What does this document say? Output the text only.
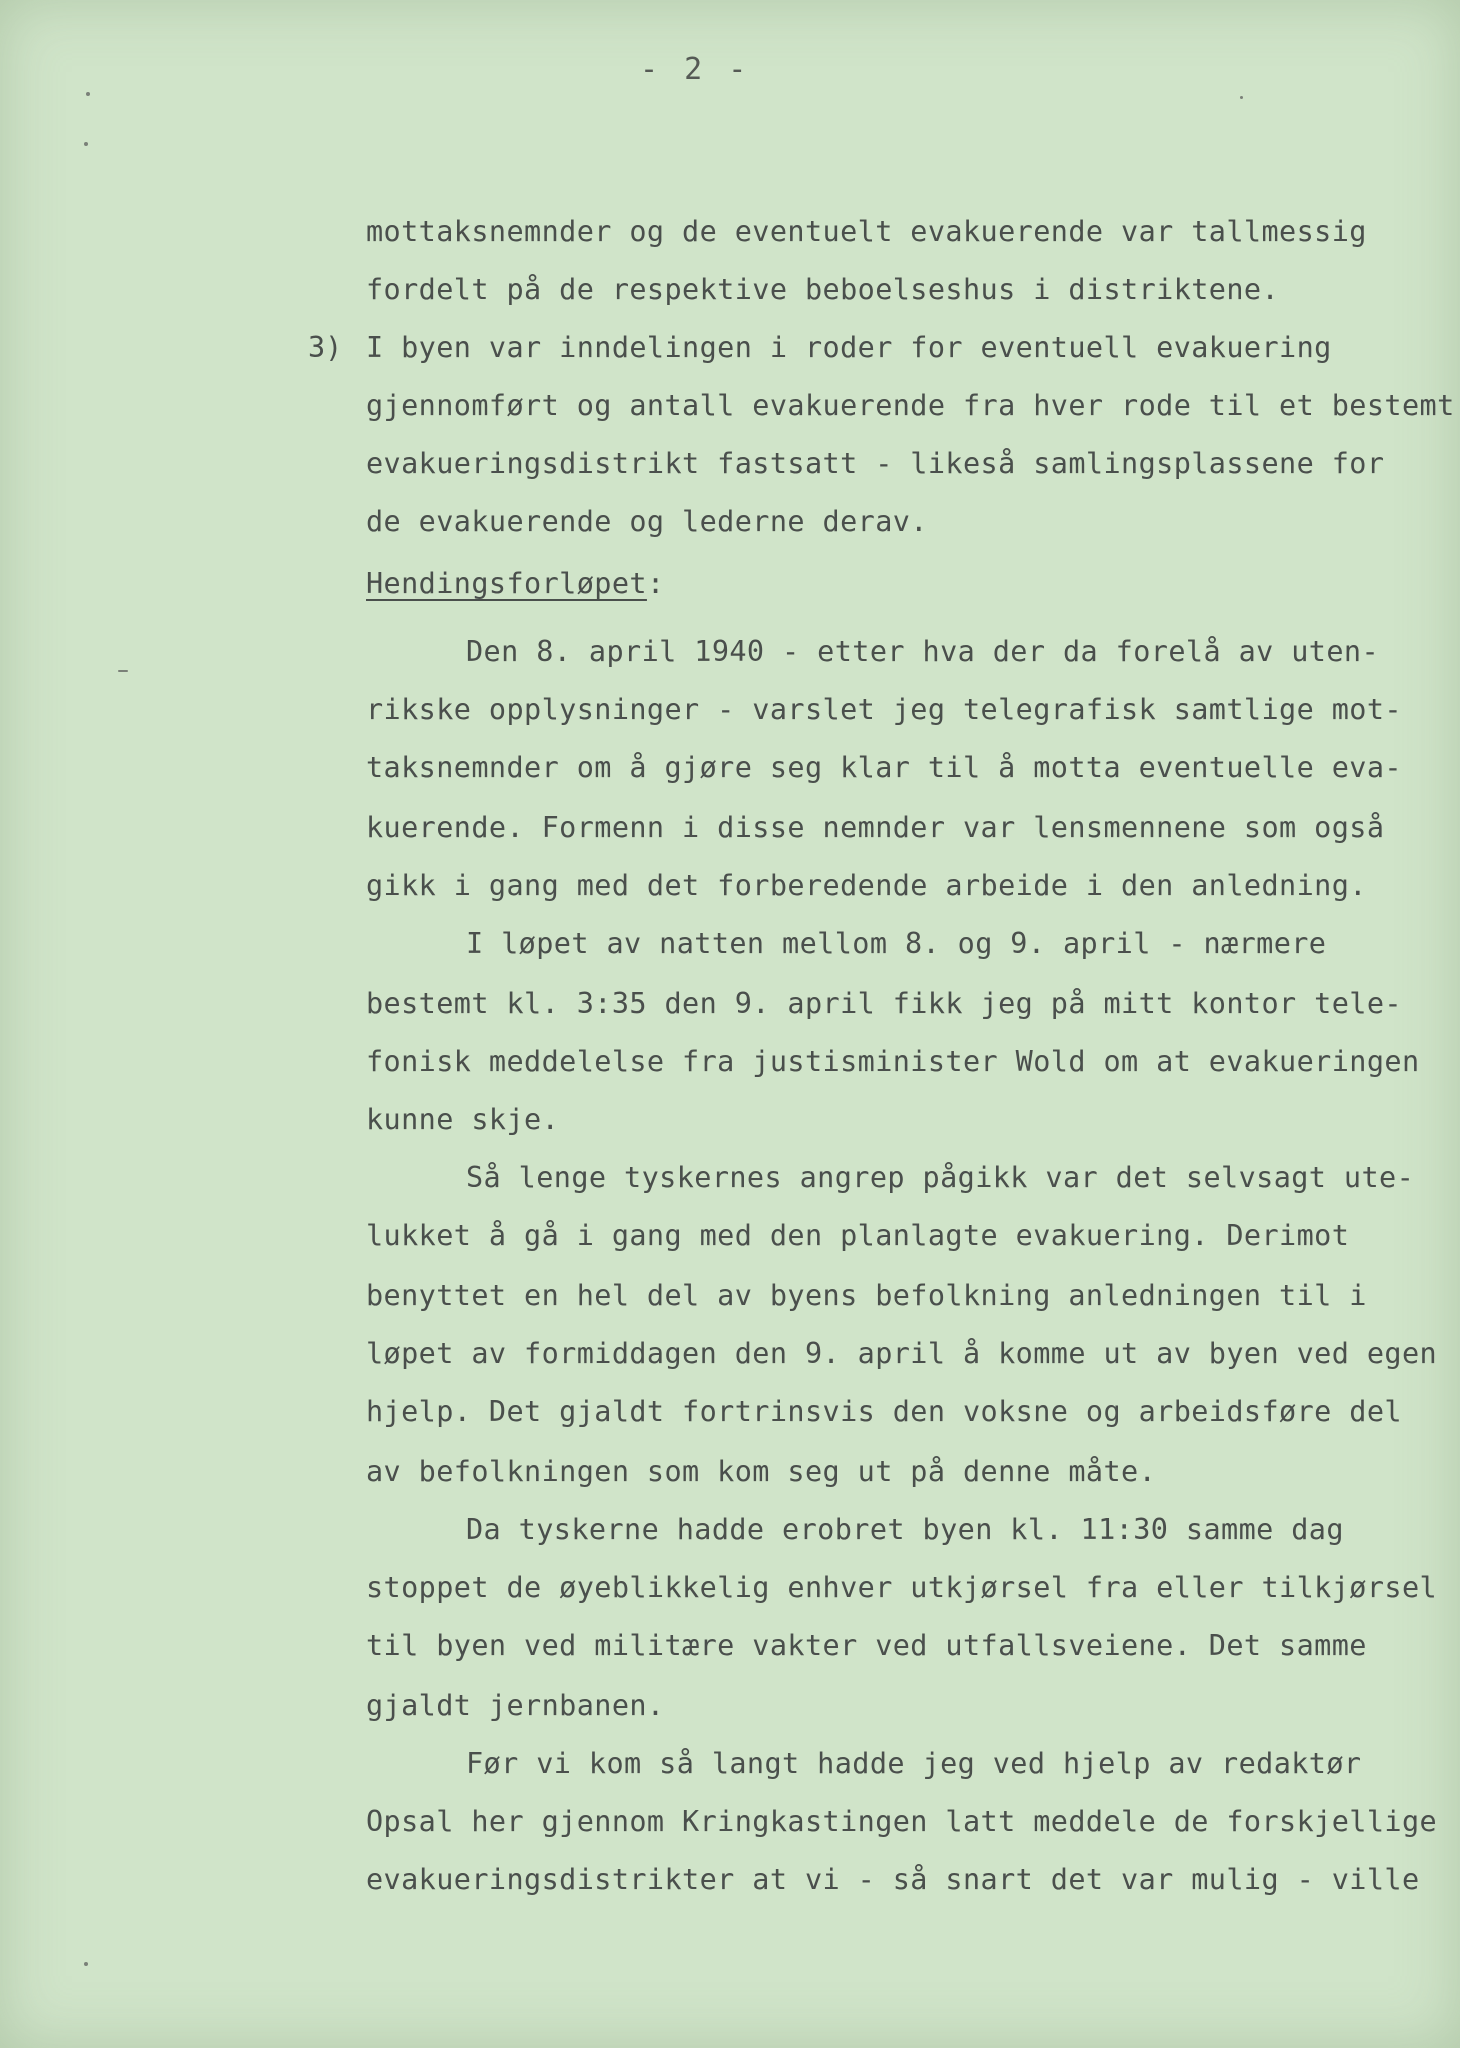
- 2 -
mottaksnemnder og de eventuelt evakuerende var tallmessig
fordelt på de respektive beboelseshus i distriktene.
3) I byen var inndelingen i roder for eventuell evakuering
gjennomført og antall evakuerende fra hver rode til et bestemt
evakueringsdistrikt fastsatt - likeså samlingsplassene for
de evakuerende og lederne derav.
Hendingsforløpet:
Den 8. april 1940 - etter hva der da forelå av uten-
rikske opplysninger - varslet jeg telegrafisk samtlige mot-
taksnemnder om å gjøre seg klar til å motta eventuelle eva-
kuerende. Formenn i disse nemnder var lensmennene som også
gikk i gang med det forberedende arbeide i den anledning.
I løpet av natten mellom 8. og 9. april - nærmere
bestemt kl. 3:35 den 9. april fikk jeg på mitt kontor tele-
fonisk meddelelse fra justisminister Wold om at evakueringen
kunne skje.
Så lenge tyskernes angrep pågikk var det selvsagt ute-
lukket å gå i gang med den planlagte evakuering. Derimot
benyttet en hel del av byens befolkning anledningen til i
løpet av formiddagen den 9. april å komme ut av byen ved egen
hjelp. Det gjaldt fortrinsvis den voksne og arbeidsføre del
av befolkningen som kom seg ut på denne måte.
Da tyskerne hadde erobret byen kl. 11:30 samme dag
stoppet de øyeblikkelig enhver utkjørsel fra eller tilkjørsel
til byen ved militære vakter ved utfallsveiene. Det samme
gjaldt jernbanen.
Før vi kom så langt hadde jeg ved hjelp av redaktør
Opsal her gjennom Kringkastingen latt meddele de forskjellige
evakueringsdistrikter at vi - så snart det var mulig - ville
